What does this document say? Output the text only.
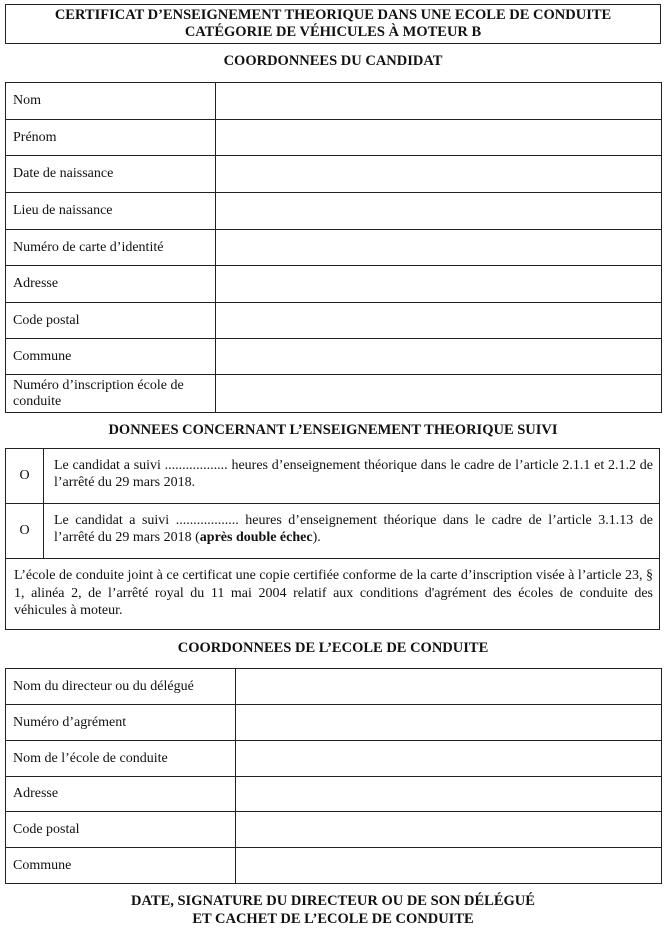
CERTIFICAT D’ENSEIGNEMENT THEORIQUE DANS UNE ECOLE DE CONDUITE
CATÉGORIE DE VÉHICULES À MOTEUR B
COORDONNEES DU CANDIDAT
Nom	
Prénom	
Date de naissance	
Lieu de naissance	
Numéro de carte d’identité	
Adresse	
Code postal	
Commune	
Numéro d’inscription école de conduite	
DONNEES CONCERNANT L’ENSEIGNEMENT THEORIQUE SUIVI
O
Le candidat a suivi .................. heures d’enseignement théorique dans le cadre de l’article 2.1.1 et 2.1.2 de l’arrêté du 29 mars 2018.
O
Le candidat a suivi .................. heures d’enseignement théorique dans le cadre de l’article 3.1.13 de l’arrêté du 29 mars 2018 (après double échec).
L’école de conduite joint à ce certificat une copie certifiée conforme de la carte d’inscription visée à l’article 23, § 1, alinéa 2, de l’arrêté royal du 11 mai 2004 relatif aux conditions d'agrément des écoles de conduite des véhicules à moteur.
COORDONNEES DE L’ECOLE DE CONDUITE
Nom du directeur ou du délégué	
Numéro d’agrément	
Nom de l’école de conduite	
Adresse	
Code postal	
Commune	
DATE, SIGNATURE DU DIRECTEUR OU DE SON DÉLÉGUÉ
ET CACHET DE L’ECOLE DE CONDUITE
